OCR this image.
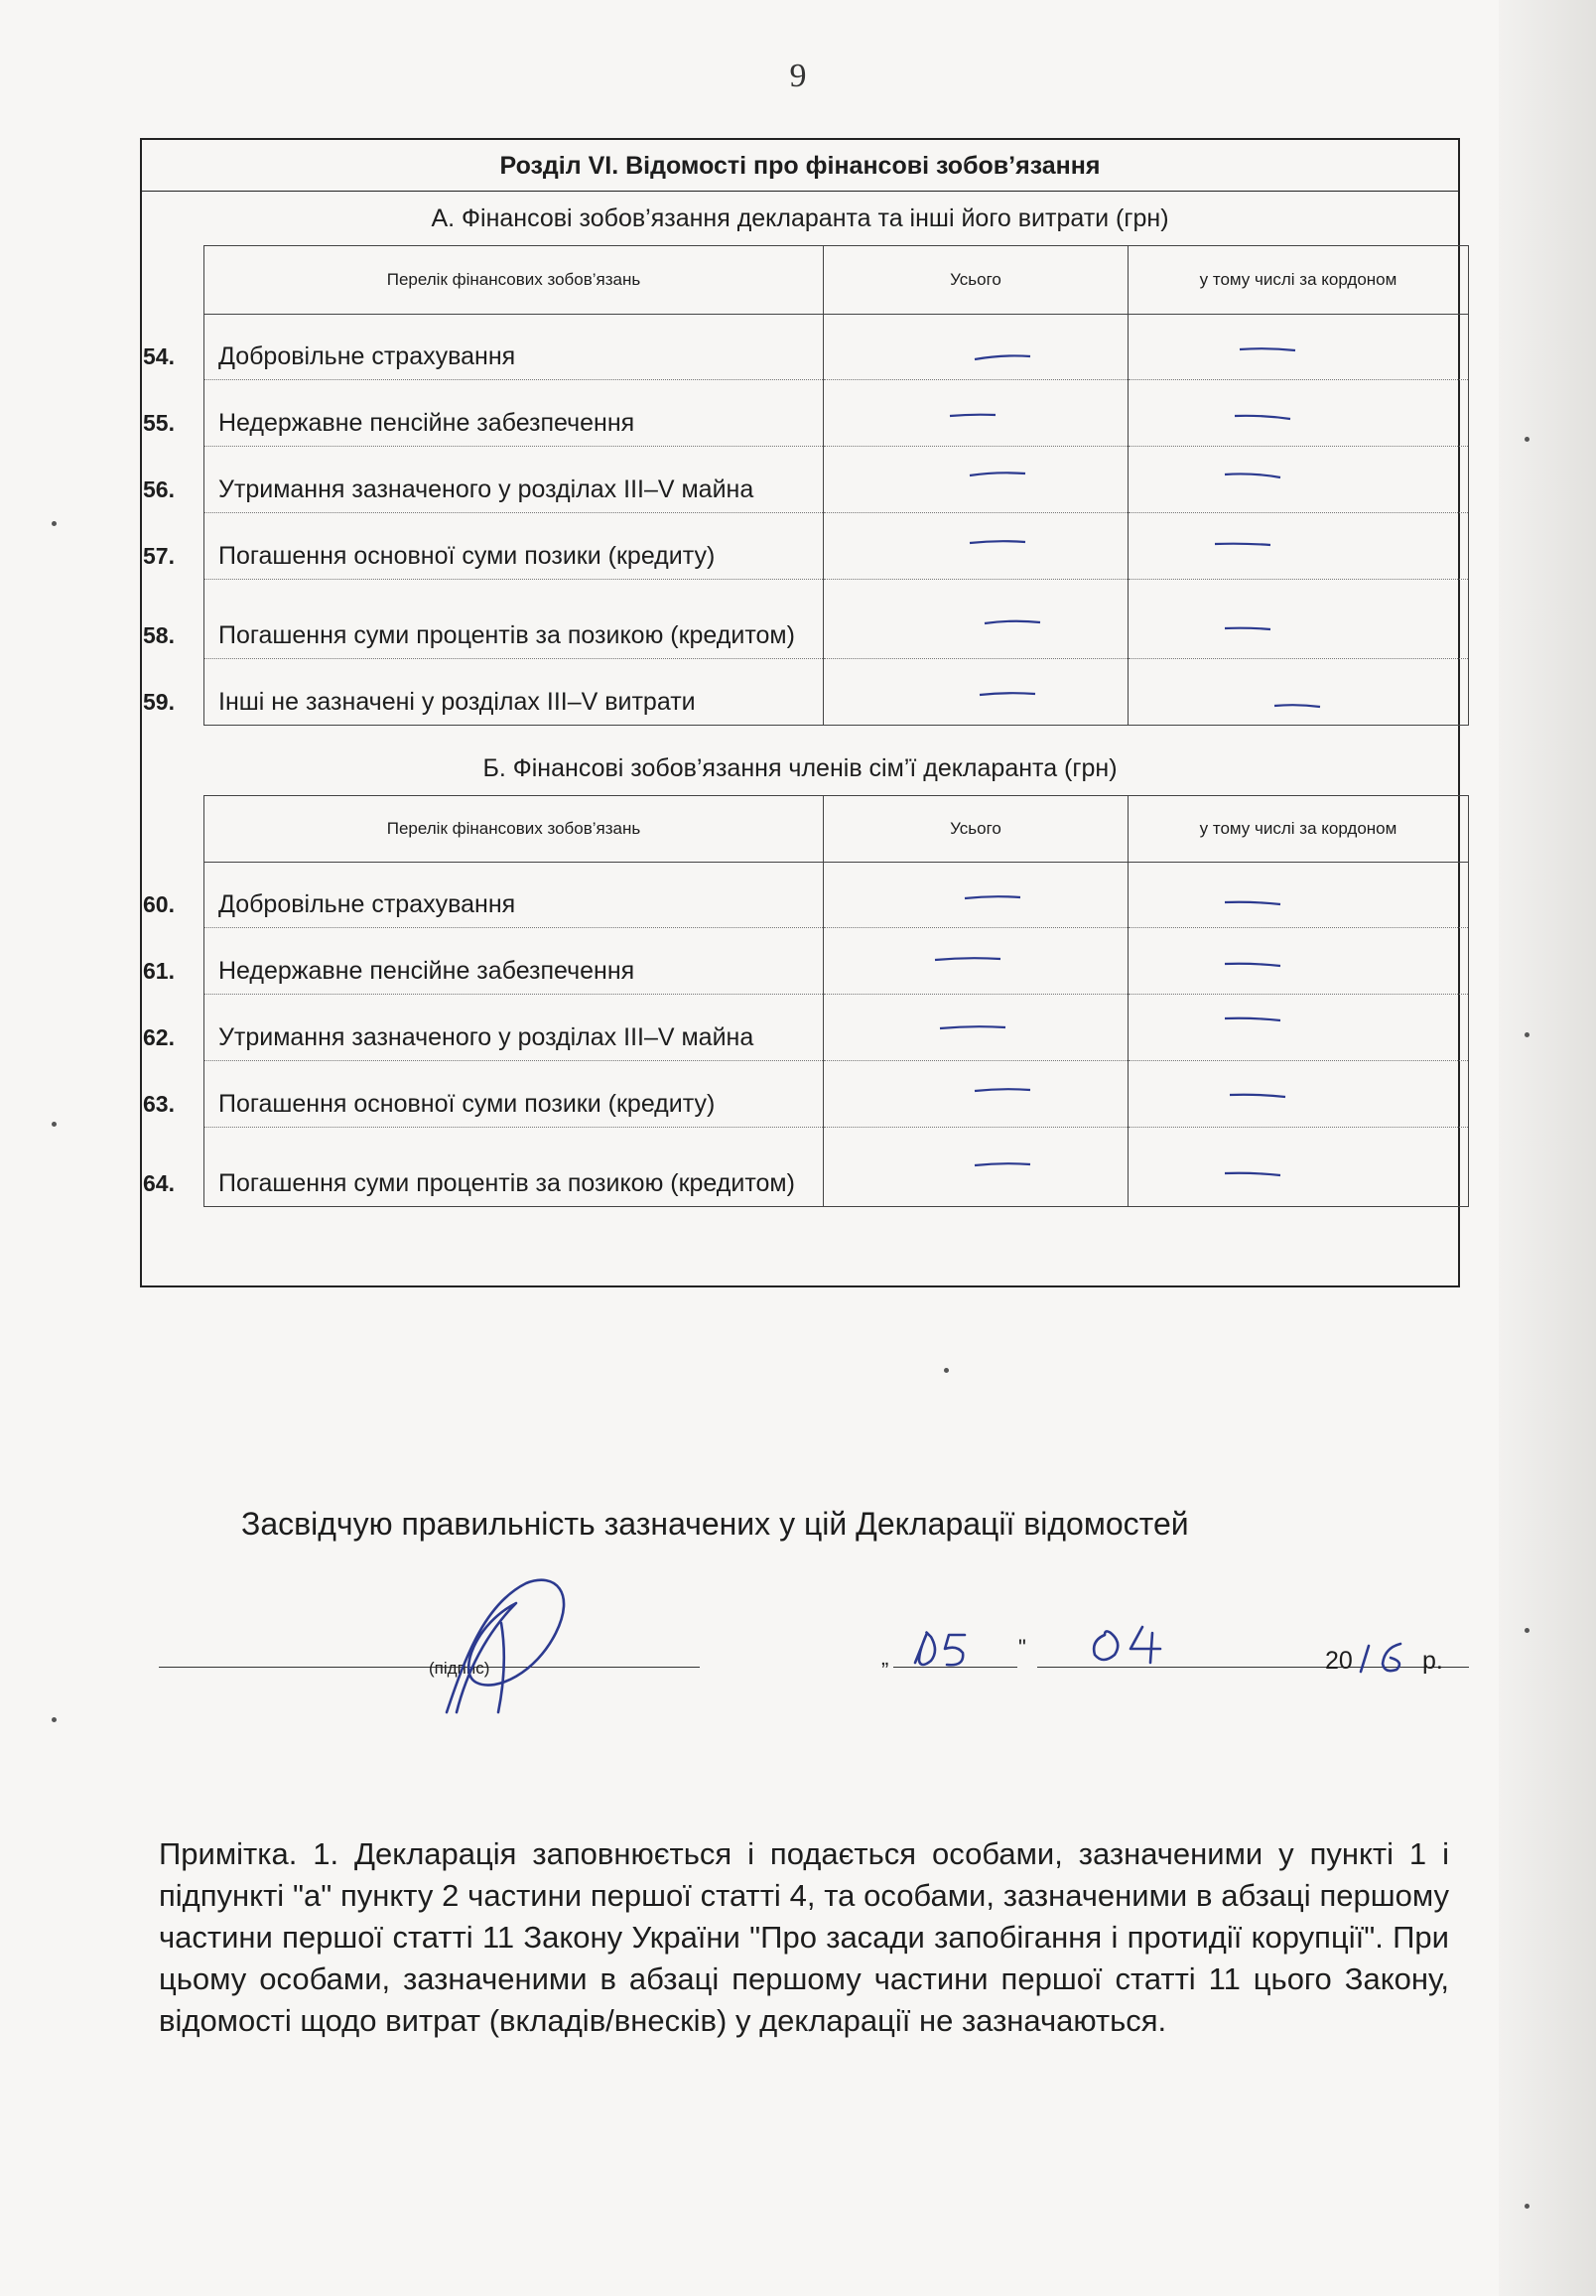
9
Розділ VI. Відомості про фінансові зобов’язання
А. Фінансові зобов’язання декларанта та інші його витрати (грн)
Перелік фінансових зобов’язань	Усього	у тому числі за кордоном

54. Добровільне страхування	

55. Недержавне пенсійне забезпечення	

56. Утримання зазначеного у розділах III–V майна	

57. Погашення основної суми позики (кредиту)	

58. Погашення суми процентів за позикою (кредитом)	

59. Інші не зазначені у розділах III–V витрати	

Б. Фінансові зобов’язання членів сім’ї декларанта (грн)
Перелік фінансових зобов’язань	Усього	у тому числі за кордоном

60. Добровільне страхування	

61. Недержавне пенсійне забезпечення	

62. Утримання зазначеного у розділах III–V майна	

63. Погашення основної суми позики (кредиту)	

64. Погашення суми процентів за позикою (кредитом)	

Засвідчую правильність зазначених у цій Декларації відомостей
(підпис)	„	"	20	р.
Примітка. 1. Декларація заповнюється і подається особами, зазначеними у пункті 1 і підпункті "а" пункту 2 частини першої статті 4, та особами, зазначеними в абзаці першому частини першої статті 11 Закону України "Про засади запобігання і протидії корупції". При цьому особами, зазначеними в абзаці першому частини першої статті 11 цього Закону, відомості щодо витрат (вкладів/внесків) у декларації не зазначаються.
